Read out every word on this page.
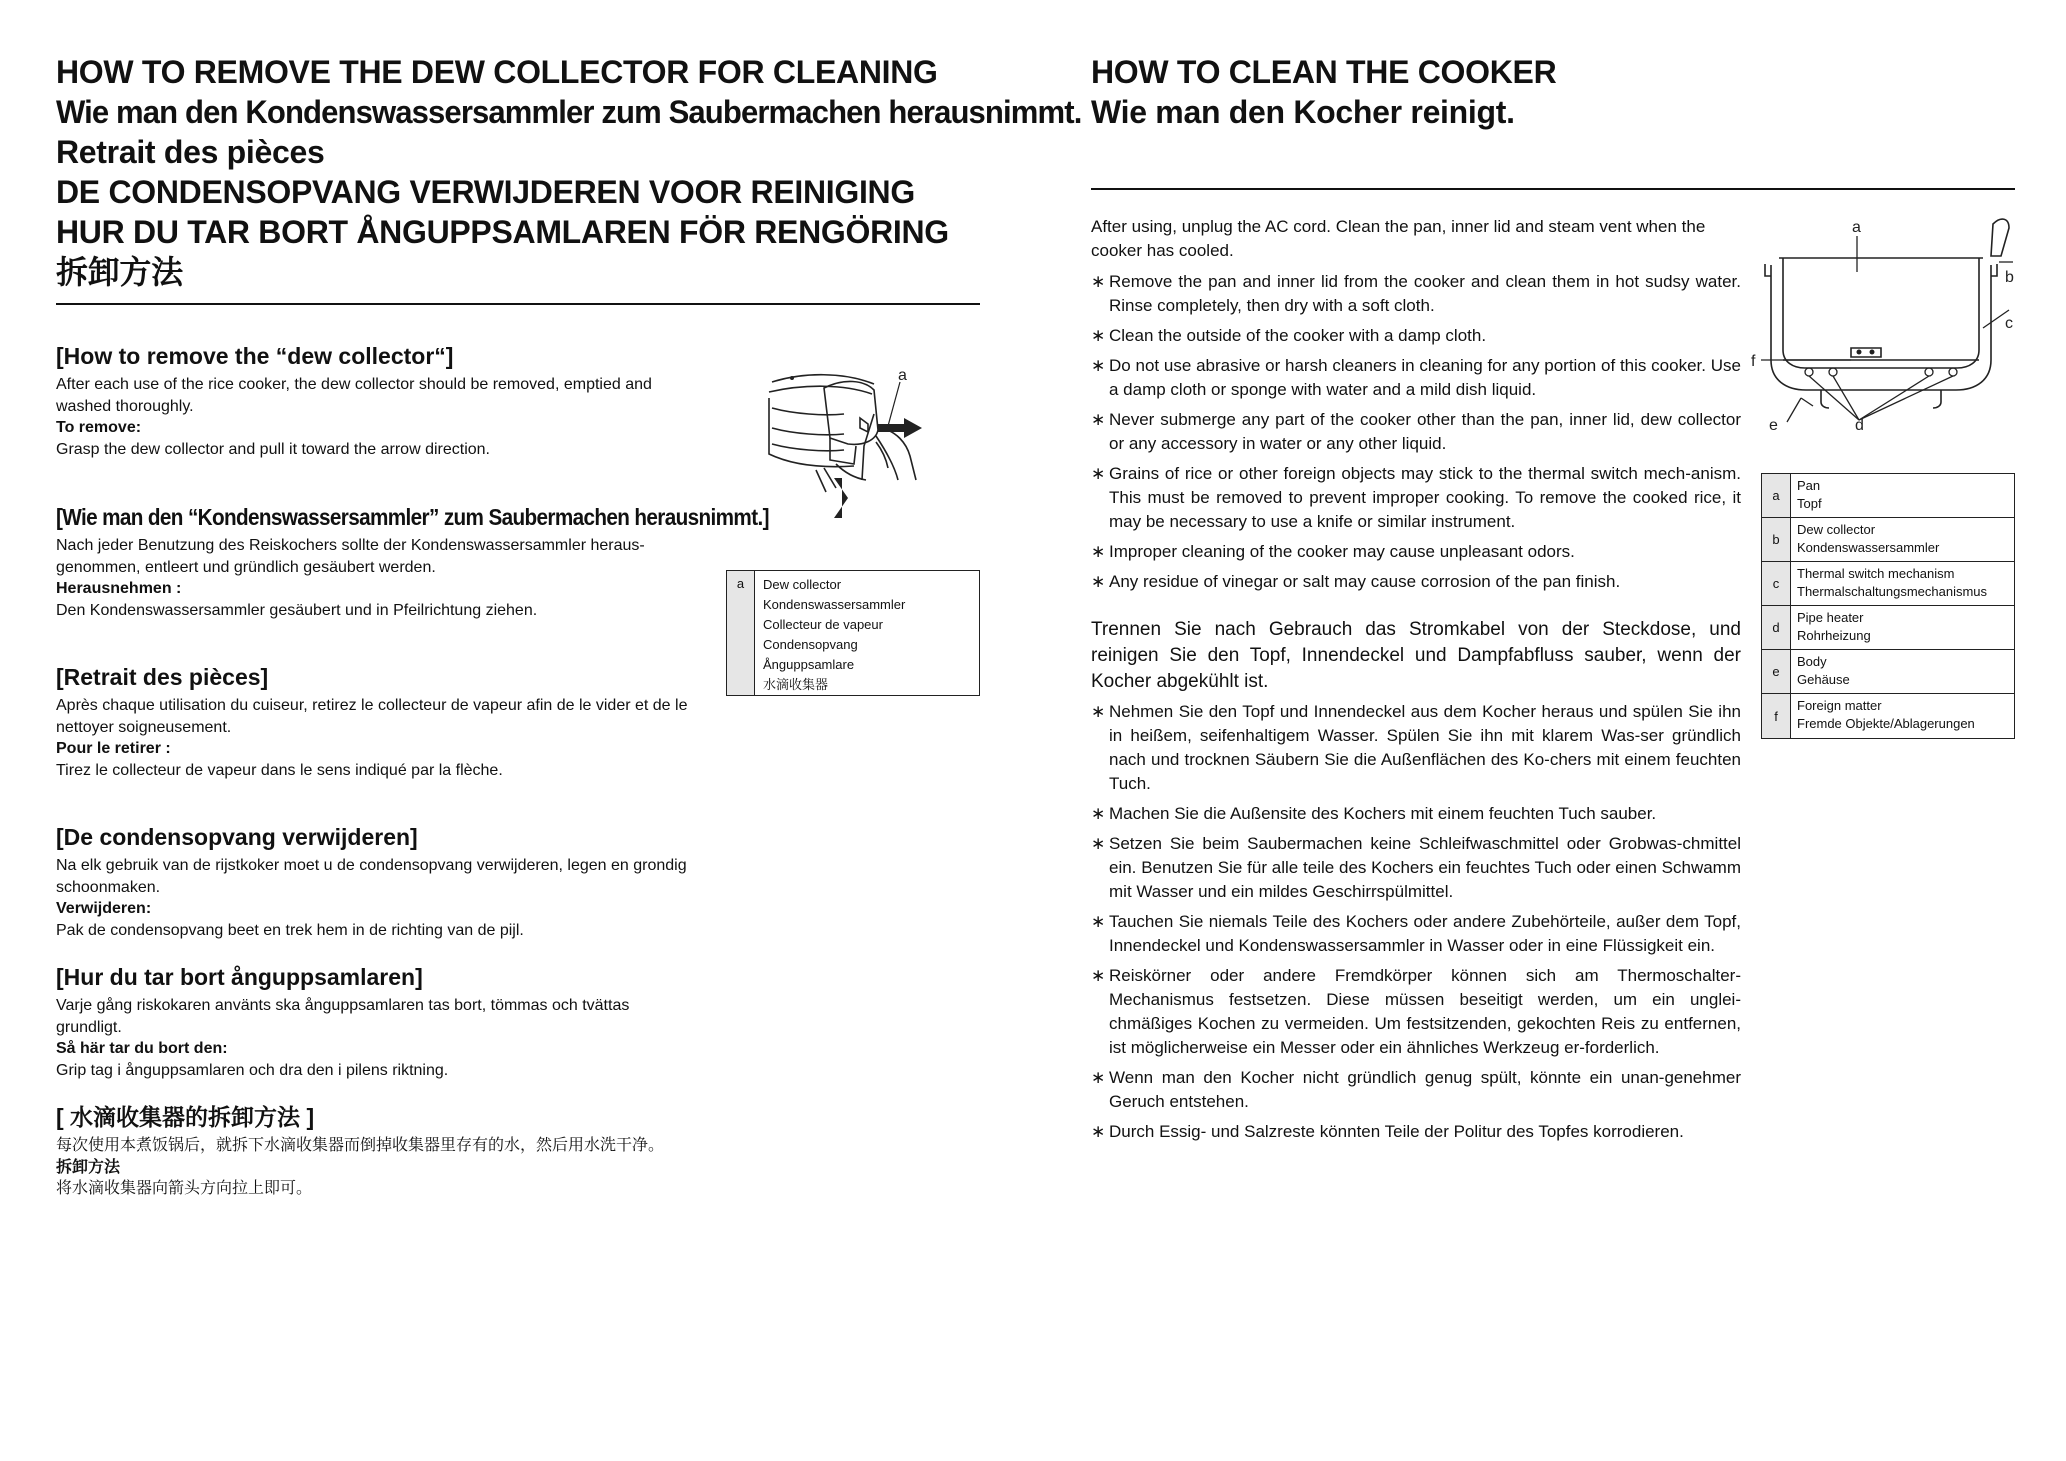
HOW TO REMOVE THE DEW COLLECTOR FOR CLEANING
Wie man den Kondenswassersammler zum Saubermachen herausnimmt.
Retrait des pièces
DE CONDENSOPVANG VERWIJDEREN VOOR REINIGING
HUR DU TAR BORT ÅNGUPPSAMLAREN FÖR RENGÖRING
拆卸方法
[How to remove the “dew collector“]
After each use of the rice cooker, the dew collector should be removed, emptied and washed thoroughly.
To remove:
Grasp the dew collector and pull it toward the arrow direction.
[Wie man den “Kondenswassersammler” zum Saubermachen herausnimmt.]
Nach jeder Benutzung des Reiskochers sollte der Kondenswassersammler heraus-genommen, entleert und gründlich gesäubert werden.
Herausnehmen :
Den Kondenswassersammler gesäubert und in Pfeilrichtung ziehen.
[Retrait des pièces]
Après chaque utilisation du cuiseur, retirez le collecteur de vapeur afin de le vider et de le nettoyer soigneusement.
Pour le retirer :
Tirez le collecteur de vapeur dans le sens indiqué par la flèche.
[De condensopvang verwijderen]
Na elk gebruik van de rijstkoker moet u de condensopvang verwijderen, legen en grondig schoonmaken.
Verwijderen:
Pak de condensopvang beet en trek hem in de richting van de pijl.
[Hur du tar bort ånguppsamlaren]
Varje gång riskokaren använts ska ånguppsamlaren tas bort, tömmas och tvättas grundligt.
Så här tar du bort den:
Grip tag i ånguppsamlaren och dra den i pilens riktning.
[ 水滴收集器的拆卸方法 ]
每次使用本煮饭锅后，就拆下水滴收集器而倒掉收集器里存有的水，然后用水洗干净。
拆卸方法
将水滴收集器向箭头方向拉上即可。
a
a	Dew collector
Kondenswassersammler
Collecteur de vapeur
Condensopvang
Ånguppsamlare
水滴收集器
HOW TO CLEAN THE COOKER
Wie man den Kocher reinigt.
After using, unplug the AC cord. Clean the pan, inner lid and steam vent when the cooker has cooled.
∗ Remove the pan and inner lid from the cooker and clean them in hot sudsy water. Rinse completely, then dry with a soft cloth.
∗ Clean the outside of the cooker with a damp cloth.
∗ Do not use abrasive or harsh cleaners in cleaning for any portion of this cooker. Use a damp cloth or sponge with water and a mild dish liquid.
∗ Never submerge any part of the cooker other than the pan, inner lid, dew collector or any accessory in water or any other liquid.
∗ Grains of rice or other foreign objects may stick to the thermal switch mech-anism. This must be removed to prevent improper cooking. To remove the cooked rice, it may be necessary to use a knife or similar instrument.
∗ Improper cleaning of the cooker may cause unpleasant odors.
∗ Any residue of vinegar or salt may cause corrosion of the pan finish.
Trennen Sie nach Gebrauch das Stromkabel von der Steckdose, und reinigen Sie den Topf, Innendeckel und Dampfabfluss sauber, wenn der Kocher abgekühlt ist.
∗ Nehmen Sie den Topf und Innendeckel aus dem Kocher heraus und spülen Sie ihn in heißem, seifenhaltigem Wasser. Spülen Sie ihn mit klarem Was-ser gründlich nach und trocknen Säubern Sie die Außenflächen des Ko-chers mit einem feuchten Tuch.
∗ Machen Sie die Außensite des Kochers mit einem feuchten Tuch sauber.
∗ Setzen Sie beim Saubermachen keine Schleifwaschmittel oder Grobwas-chmittel ein. Benutzen Sie für alle teile des Kochers ein feuchtes Tuch oder einen Schwamm mit Wasser und ein mildes Geschirrspülmittel.
∗ Tauchen Sie niemals Teile des Kochers oder andere Zubehörteile, außer dem Topf, Innendeckel und Kondenswassersammler in Wasser oder in eine Flüssigkeit ein.
∗ Reiskörner oder andere Fremdkörper können sich am Thermoschalter-Mechanismus festsetzen. Diese müssen beseitigt werden, um ein unglei-chmäßiges Kochen zu vermeiden. Um festsitzenden, gekochten Reis zu entfernen, ist möglicherweise ein Messer oder ein ähnliches Werkzeug er-forderlich.
∗ Wenn man den Kocher nicht gründlich genug spült, könnte ein unan-genehmer Geruch entstehen.
∗ Durch Essig- und Salzreste könnten Teile der Politur des Topfes korrodieren.
a
b
c
d
e
f
a
Pan
Topf
b
Dew collector
Kondenswassersammler
c
Thermal switch mechanism
Thermalschaltungsmechanismus
d
Pipe heater
Rohrheizung
e
Body
Gehäuse
f
Foreign matter
Fremde Objekte/Ablagerungen
